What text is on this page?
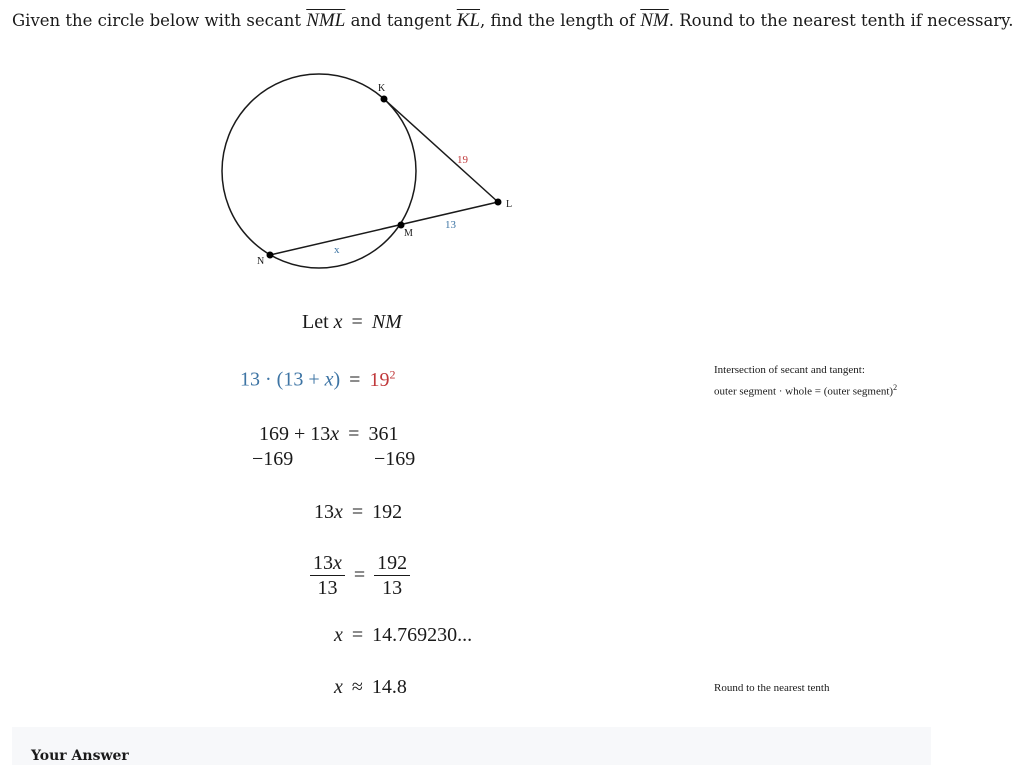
Given the circle below with secant $\overline{NML}$ and tangent $\overline{KL}$, find the length of $\overline{NM}$. Round to the nearest tenth if necessary.
K
L
M
N
19
13
x
Let x = NM
$13 \cdot (13 + x) = 19^2$	Intersection of secant and tangent:
outer segment · whole = (outer segment)$^2$
169 + 13x = 361
−169	−169
13x = 192
$\frac{13x}{13} = \frac{192}{13}$
x = 14.769230...
x ≈ 14.8	Round to the nearest tenth
Your Answer
